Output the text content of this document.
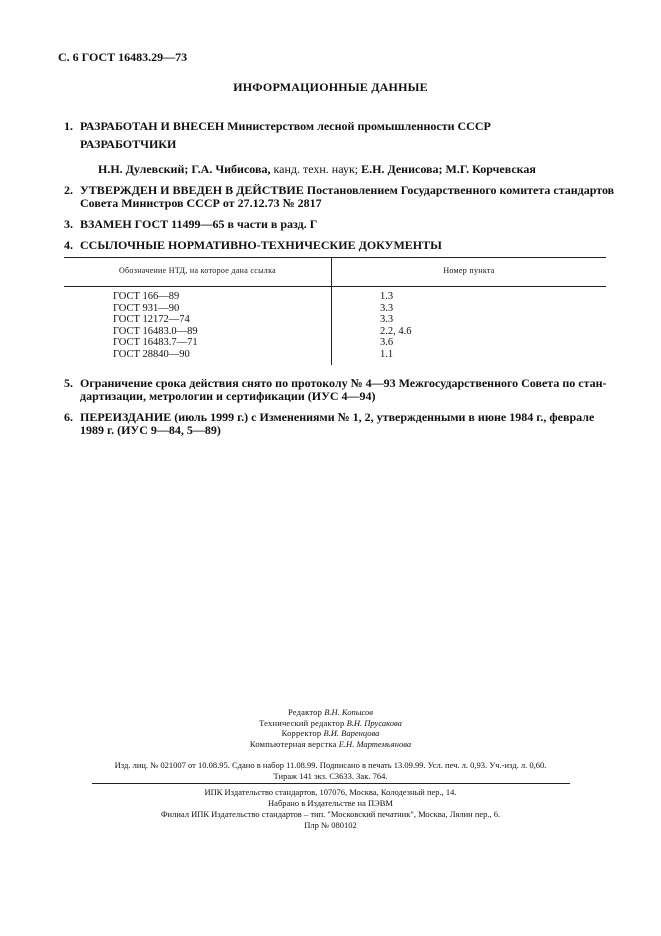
С. 6 ГОСТ 16483.29—73
ИНФОРМАЦИОННЫЕ ДАННЫЕ
1. РАЗРАБОТАН И ВНЕСЕН Министерством лесной промышленности СССР
РАЗРАБОТЧИКИ
Н.Н. Дулевский; Г.А. Чибисова, канд. техн. наук; Е.Н. Денисова; М.Г. Корчевская
2. УТВЕРЖДЕН И ВВЕДЕН В ДЕЙСТВИЕ Постановлением Государственного комитета стандартов
Совета Министров СССР от 27.12.73 № 2817
3. ВЗАМЕН ГОСТ 11499—65 в части в разд. Г
4. ССЫЛОЧНЫЕ НОРМАТИВНО-ТЕХНИЧЕСКИЕ ДОКУМЕНТЫ
Обозначение НТД, на которое дана ссылка	Номер пункта
ГОСТ 166—89
ГОСТ 931—90
ГОСТ 12172—74
ГОСТ 16483.0—89
ГОСТ 16483.7—71
ГОСТ 28840—90
1.3
3.3
3.3
2.2, 4.6
3.6
1.1
5. Ограничение срока действия снято по протоколу № 4—93 Межгосударственного Совета по стан-
дартизации, метрологии и сертификации (ИУС 4—94)
6. ПЕРЕИЗДАНИЕ (июль 1999 г.) с Изменениями № 1, 2, утвержденными в июне 1984 г., феврале
1989 г. (ИУС 9—84, 5—89)
Редактор В.Н. Копысов
Технический редактор В.Н. Прусакова
Корректор В.И. Варенцова
Компьютерная верстка Е.Н. Мартемьянова
Изд. лиц. № 021007 от 10.08.95. Сдано в набор 11.08.99. Подписано в печать 13.09.99. Усл. печ. л. 0,93. Уч.-изд. л. 0,60.
Тираж 141 экз. С3633. Зак. 764.
ИПК Издательство стандартов, 107076, Москва, Колодезный пер., 14.
Набрано в Издательстве на ПЭВМ
Филиал ИПК Издательство стандартов – тип. "Московский печатник", Москва, Лялин пер., 6.
Плр № 080102
